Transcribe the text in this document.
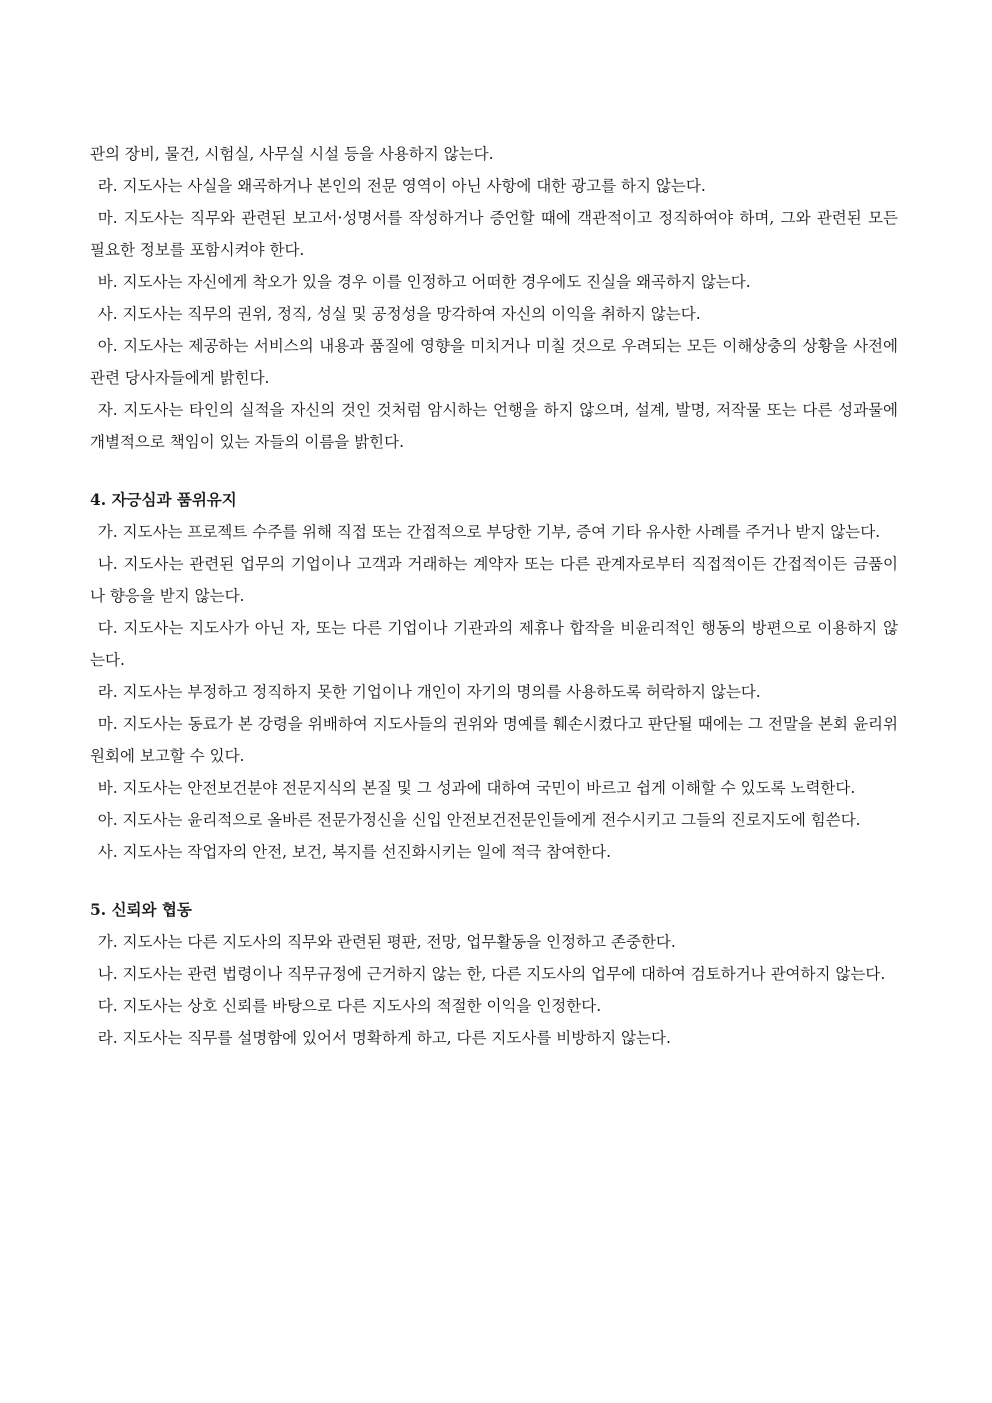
관의 장비, 물건, 시험실, 사무실 시설 등을 사용하지 않는다.

라. 지도사는 사실을 왜곡하거나 본인의 전문 영역이 아닌 사항에 대한 광고를 하지 않는다.

마. 지도사는 직무와 관련된 보고서·성명서를 작성하거나 증언할 때에 객관적이고 정직하여야 하며, 그와 관련된 모든 필요한 정보를 포함시켜야 한다.

바. 지도사는 자신에게 착오가 있을 경우 이를 인정하고 어떠한 경우에도 진실을 왜곡하지 않는다.

사. 지도사는 직무의 권위, 정직, 성실 및 공정성을 망각하여 자신의 이익을 취하지 않는다.

아. 지도사는 제공하는 서비스의 내용과 품질에 영향을 미치거나 미칠 것으로 우려되는 모든 이해상충의 상황을 사전에 관련 당사자들에게 밝힌다.

자. 지도사는 타인의 실적을 자신의 것인 것처럼 암시하는 언행을 하지 않으며, 설계, 발명, 저작물 또는 다른 성과물에 개별적으로 책임이 있는 자들의 이름을 밝힌다.

4. 자긍심과 품위유지

가. 지도사는 프로젝트 수주를 위해 직접 또는 간접적으로 부당한 기부, 증여 기타 유사한 사례를 주거나 받지 않는다.

나. 지도사는 관련된 업무의 기업이나 고객과 거래하는 계약자 또는 다른 관계자로부터 직접적이든 간접적이든 금품이나 향응을 받지 않는다.

다. 지도사는 지도사가 아닌 자, 또는 다른 기업이나 기관과의 제휴나 합작을 비윤리적인 행동의 방편으로 이용하지 않는다.

라. 지도사는 부정하고 정직하지 못한 기업이나 개인이 자기의 명의를 사용하도록 허락하지 않는다.

마. 지도사는 동료가 본 강령을 위배하여 지도사들의 권위와 명예를 훼손시켰다고 판단될 때에는 그 전말을 본회 윤리위원회에 보고할 수 있다.

바. 지도사는 안전보건분야 전문지식의 본질 및 그 성과에 대하여 국민이 바르고 쉽게 이해할 수 있도록 노력한다.

아. 지도사는 윤리적으로 올바른 전문가정신을 신입 안전보건전문인들에게 전수시키고 그들의 진로지도에 힘쓴다.

사. 지도사는 작업자의 안전, 보건, 복지를 선진화시키는 일에 적극 참여한다.

5. 신뢰와 협동

가. 지도사는 다른 지도사의 직무와 관련된 평판, 전망, 업무활동을 인정하고 존중한다.

나. 지도사는 관련 법령이나 직무규정에 근거하지 않는 한, 다른 지도사의 업무에 대하여 검토하거나 관여하지 않는다.

다. 지도사는 상호 신뢰를 바탕으로 다른 지도사의 적절한 이익을 인정한다.

라. 지도사는 직무를 설명함에 있어서 명확하게 하고, 다른 지도사를 비방하지 않는다.
